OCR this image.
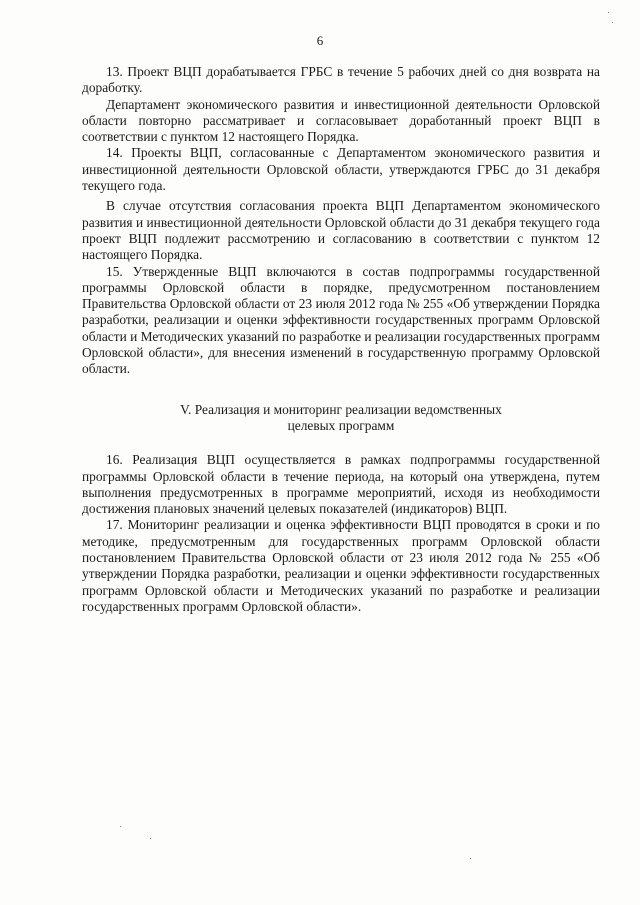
6

13. Проект ВЦП дорабатывается ГРБС в течение 5 рабочих дней со дня возврата на доработку.

Департамент экономического развития и инвестиционной деятельности Орловской области повторно рассматривает и согласовывает доработанный проект ВЦП в соответствии с пунктом 12 настоящего Порядка.

14. Проекты ВЦП, согласованные с Департаментом экономического развития и инвестиционной деятельности Орловской области, утверждаются ГРБС до 31 декабря текущего года.

В случае отсутствия согласования проекта ВЦП Департаментом экономического развития и инвестиционной деятельности Орловской области до 31 декабря текущего года проект ВЦП подлежит рассмотрению и согласованию в соответствии с пунктом 12 настоящего Порядка.

15. Утвержденные ВЦП включаются в состав подпрограммы государственной программы Орловской области в порядке, предусмотренном постановлением Правительства Орловской области от 23 июля 2012 года № 255 «Об утверждении Порядка разработки, реализации и оценки эффективности государственных программ Орловской области и Методических указаний по разработке и реализации государственных программ Орловской области», для внесения изменений в государственную программу Орловской области.

V. Реализация и мониторинг реализации ведомственных
целевых программ

16. Реализация ВЦП осуществляется в рамках подпрограммы государственной программы Орловской области в течение периода, на который она утверждена, путем выполнения предусмотренных в программе мероприятий, исходя из необходимости достижения плановых значений целевых показателей (индикаторов) ВЦП.

17. Мониторинг реализации и оценка эффективности ВЦП проводятся в сроки и по методике, предусмотренным для государственных программ Орловской области постановлением Правительства Орловской области от 23 июля 2012 года № 255 «Об утверждении Порядка разработки, реализации и оценки эффективности государственных программ Орловской области и Методических указаний по разработке и реализации государственных программ Орловской области».
